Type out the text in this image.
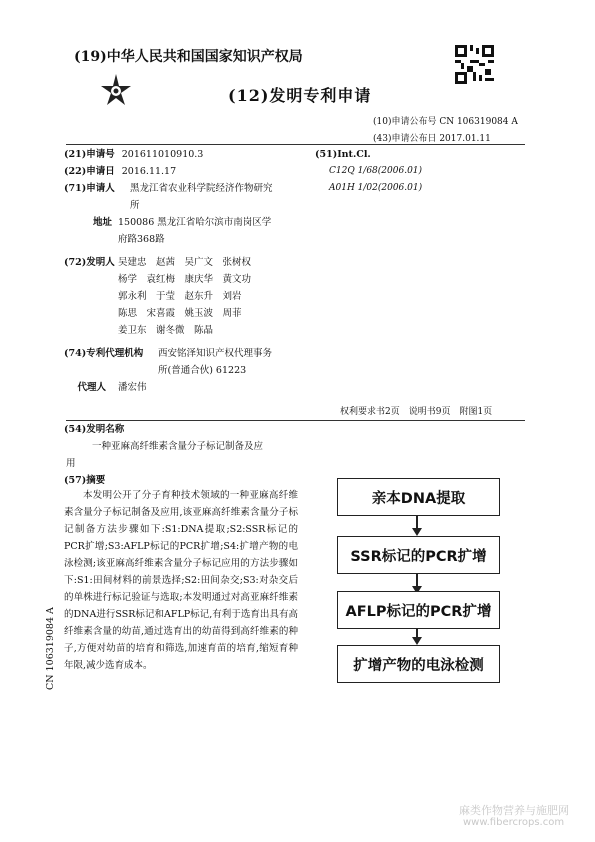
(19)中华人民共和国国家知识产权局
(12)发明专利申请
(10)申请公布号 CN 106319084 A
(43)申请公布日 2017.01.11
(21)申请号 201611010910.3
(22)申请日 2016.11.17
(71)申请人	黑龙江省农业科学院经济作物研究
所
地址 150086 黑龙江省哈尔滨市南岗区学
府路368路
(72)发明人 吴建忠　赵茜　吴广文　张树权
杨学　袁红梅　康庆华　黄文功
郭永利　于莹　赵东升　刘岩
陈思　宋喜霞　姚玉波　周菲
姜卫东　谢冬微　陈晶
(74)专利代理机构	西安铭泽知识产权代理事务
所(普通合伙) 61223
代理人	潘宏伟
(51)Int.Cl.
C12Q 1/68(2006.01)
A01H 1/02(2006.01)
权利要求书2页　说明书9页　附图1页
(54)发明名称
一种亚麻高纤维素含量分子标记制备及应
用
(57)摘要
本发明公开了分子育种技术领域的一种亚麻高纤维素含量分子标记制备及应用,该亚麻高纤维素含量分子标记制备方法步骤如下:S1:DNA提取;S2:SSR标记的PCR扩增;S3:AFLP标记的PCR扩增;S4:扩增产物的电泳检测;该亚麻高纤维素含量分子标记应用的方法步骤如下:S1:田间材料的前景选择;S2:田间杂交;S3:对杂交后的单株进行标记验证与选取;本发明通过对高亚麻纤维素的DNA进行SSR标记和AFLP标记,有利于选育出具有高纤维素含量的幼苗,通过选育出的幼苗得到高纤维素的种子,方便对幼苗的培育和筛选,加速育苗的培育,缩短育种年限,减少选育成本。
亲本DNA提取
SSR标记的PCR扩增
AFLP标记的PCR扩增
扩增产物的电泳检测
CN 106319084 A
麻类作物营养与施肥网
www.fibercrops.com
